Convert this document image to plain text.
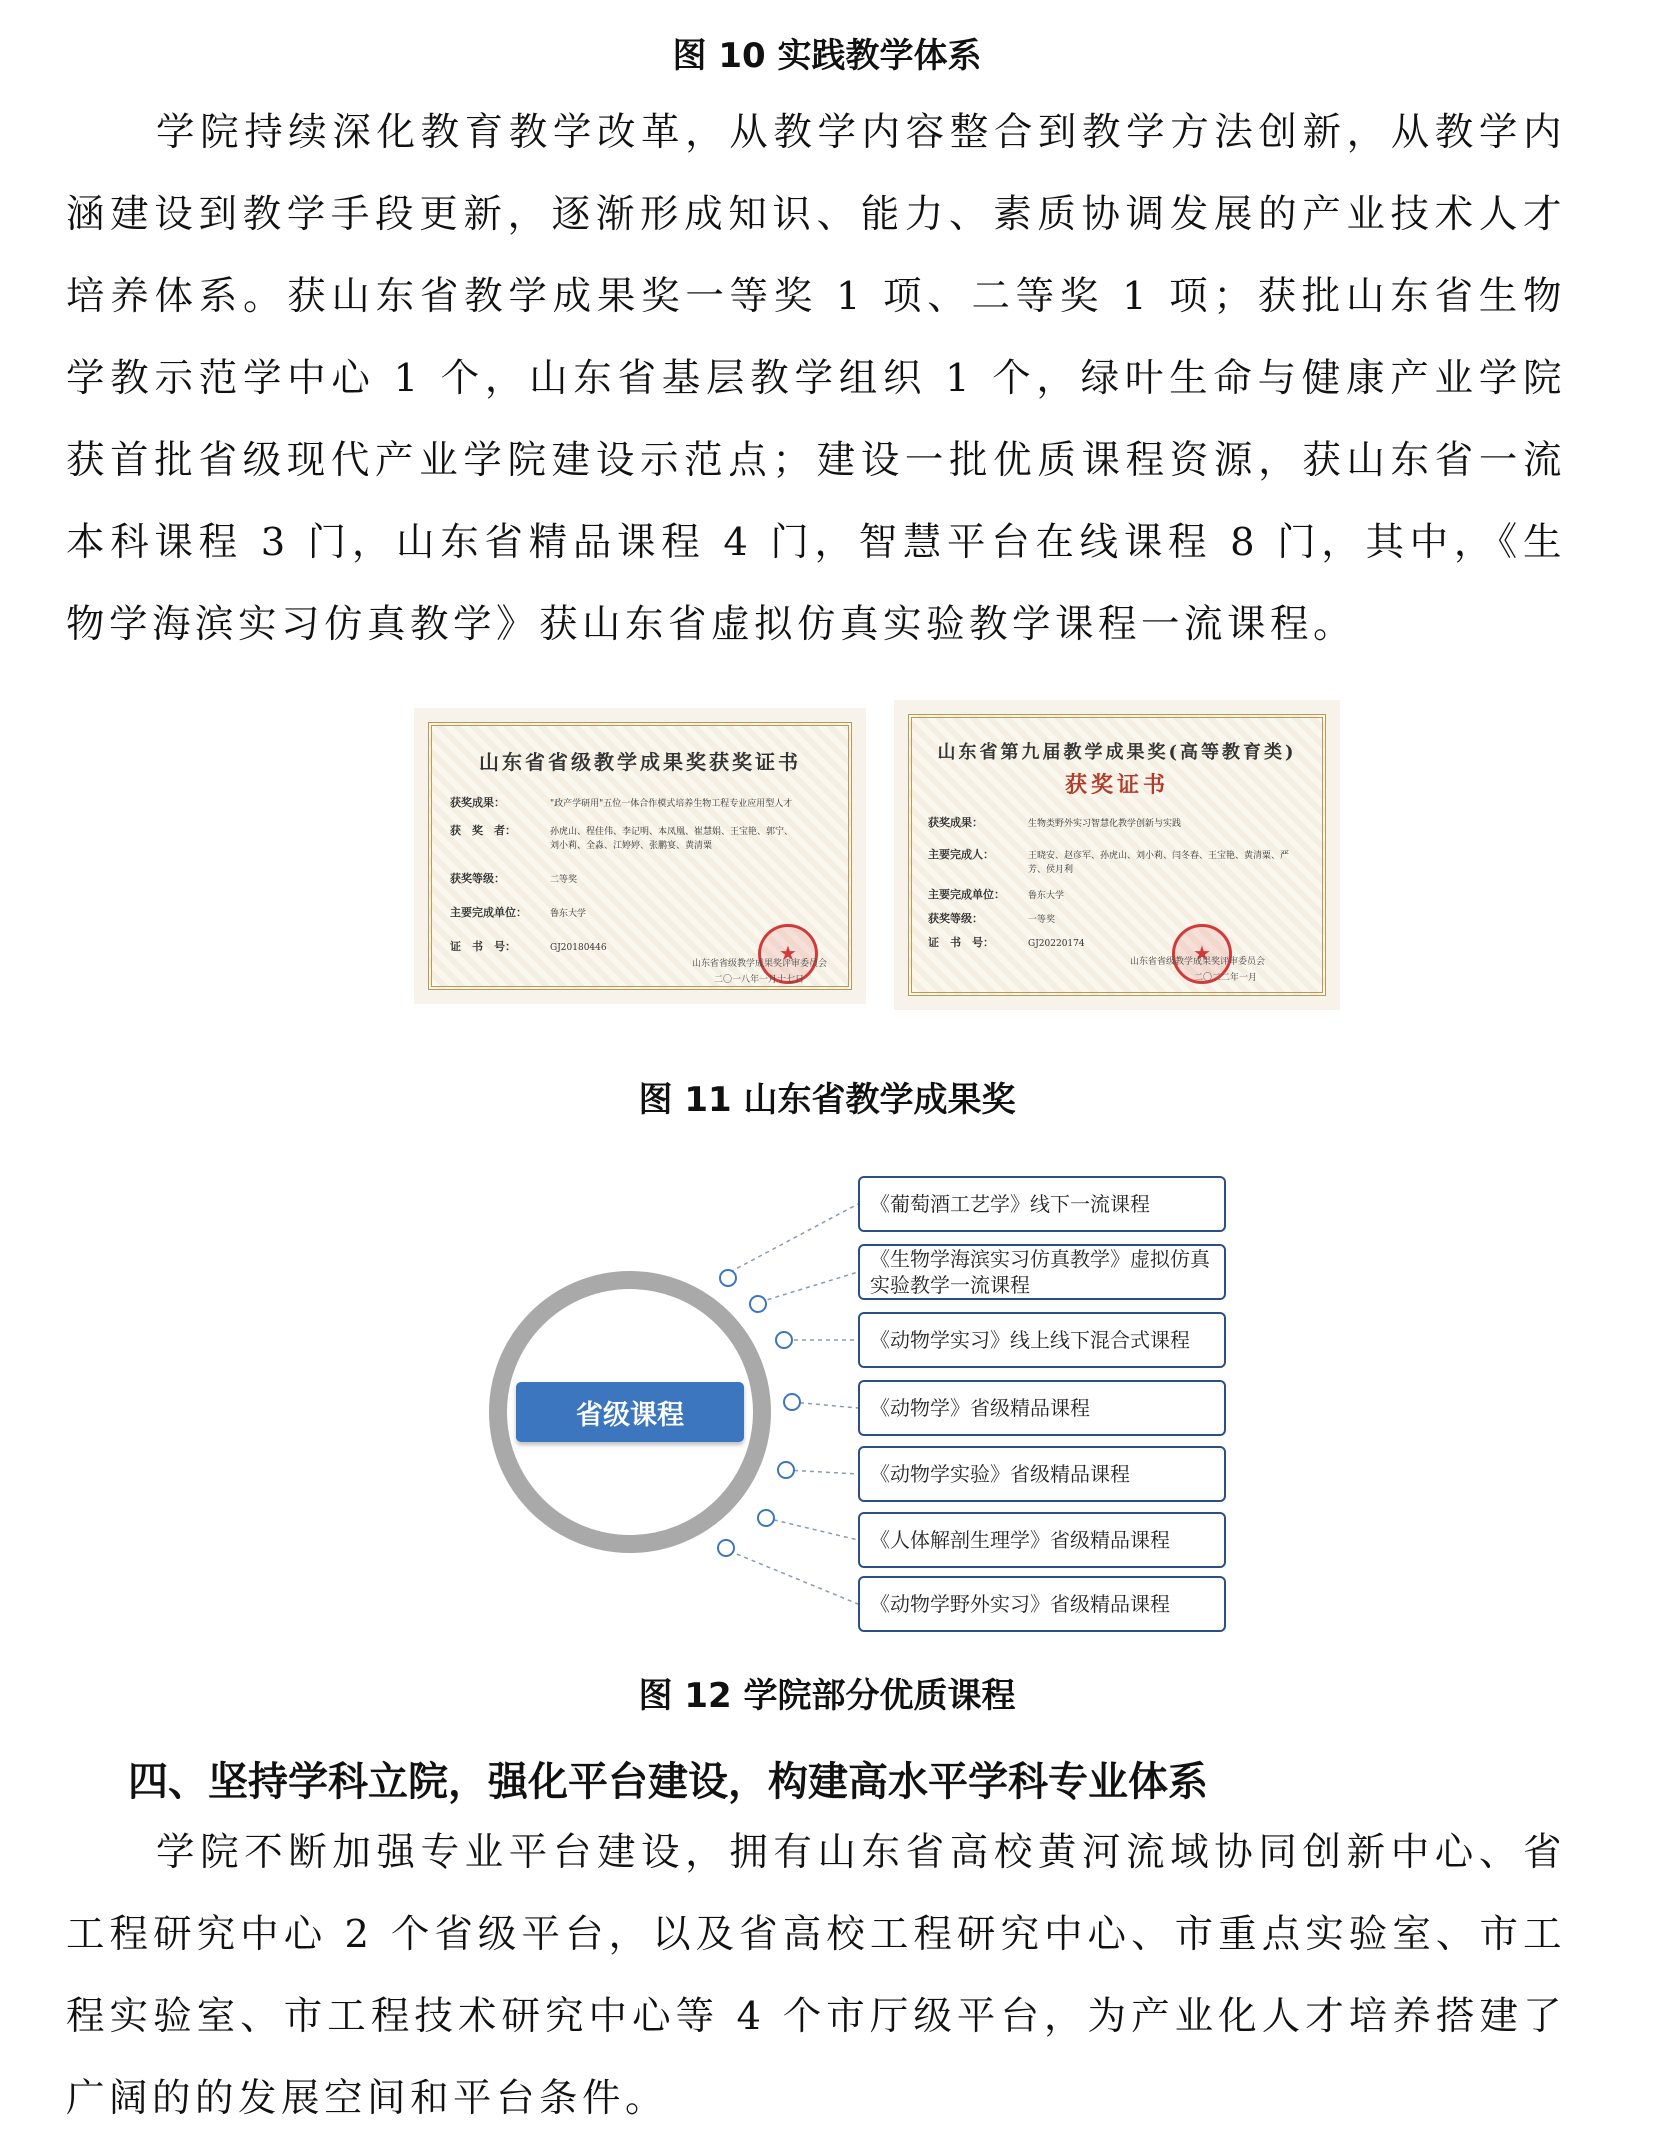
图 10 实践教学体系

学院持续深化教育教学改革，从教学内容整合到教学方法创新，从教学内涵建设到教学手段更新，逐渐形成知识、能力、素质协调发展的产业技术人才培养体系。获山东省教学成果奖一等奖 1 项、二等奖 1 项；获批山东省生物学教示范学中心 1 个，山东省基层教学组织 1 个，绿叶生命与健康产业学院获首批省级现代产业学院建设示范点；建设一批优质课程资源，获山东省一流本科课程 3 门，山东省精品课程 4 门，智慧平台在线课程 8 门，其中，《生物学海滨实习仿真教学》获山东省虚拟仿真实验教学课程一流课程。

山东省省级教学成果奖获奖证书
获奖成果：	"政产学研用"五位一体合作模式培养生物工程专业应用型人才
获　奖　者：	孙虎山、程佳伟、李记明、本凤凰、崔慧娟、王宝艳、郭宁、
刘小莉、全淼、江婷婷、张鹏宴、黄清粟
获奖等级：	二等奖
主要完成单位：	鲁东大学
证　书　号：	GJ20180446
★
山东省省级教学成果奖评审委员会
二〇一八年一月十七日
山东省第九届教学成果奖(高等教育类)
获奖证书
获奖成果：	生物类野外实习智慧化教学创新与实践
主要完成人：	王晓安、赵彦军、孙虎山、刘小莉、闫冬春、王宝艳、黄清粟、严
芳、侯月利
主要完成单位：	鲁东大学
获奖等级：	一等奖
证　书　号：	GJ20220174
★
山东省省级教学成果奖评审委员会
二〇二二年一月
图 11 山东省教学成果奖
省级课程
《葡萄酒工艺学》线下一流课程
《生物学海滨实习仿真教学》虚拟仿真实验教学一流课程
《动物学实习》线上线下混合式课程
《动物学》省级精品课程
《动物学实验》省级精品课程
《人体解剖生理学》省级精品课程
《动物学野外实习》省级精品课程
图 12 学院部分优质课程
四、坚持学科立院，强化平台建设，构建高水平学科专业体系

学院不断加强专业平台建设，拥有山东省高校黄河流域协同创新中心、省工程研究中心 2 个省级平台，以及省高校工程研究中心、市重点实验室、市工程实验室、市工程技术研究中心等 4 个市厅级平台，为产业化人才培养搭建了广阔的的发展空间和平台条件。
